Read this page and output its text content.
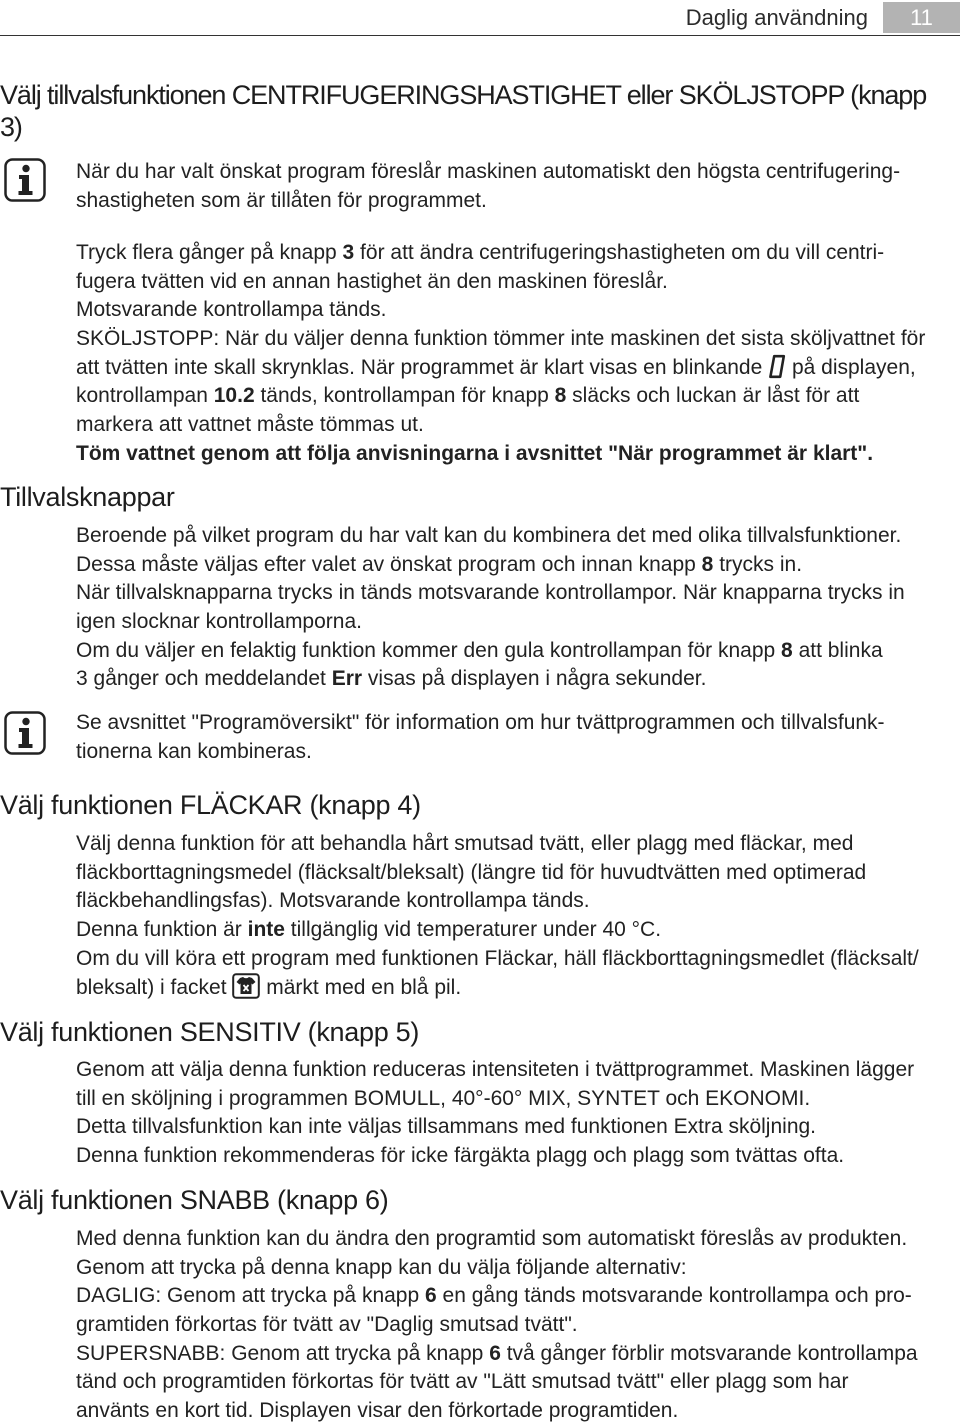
Daglig användning	11
Välj tillvalsfunktionen CENTRIFUGERINGSHASTIGHET eller SKÖLJSTOPP (knapp
3)
När du har valt önskat program föreslår maskinen automatiskt den högsta centrifugering-
shastigheten som är tillåten för programmet.
Tryck flera gånger på knapp 3 för att ändra centrifugeringshastigheten om du vill centri-
fugera tvätten vid en annan hastighet än den maskinen föreslår.
Motsvarande kontrollampa tänds.
SKÖLJSTOPP: När du väljer denna funktion tömmer inte maskinen det sista sköljvattnet för
att tvätten inte skall skrynklas. När programmet är klart visas en blinkande
på displayen,
kontrollampan 10.2 tänds, kontrollampan för knapp 8 släcks och luckan är låst för att
markera att vattnet måste tömmas ut.
Töm vattnet genom att följa anvisningarna i avsnittet "När programmet är klart".
Tillvalsknappar
Beroende på vilket program du har valt kan du kombinera det med olika tillvalsfunktioner.
Dessa måste väljas efter valet av önskat program och innan knapp 8 trycks in.
När tillvalsknapparna trycks in tänds motsvarande kontrollampor. När knapparna trycks in
igen slocknar kontrollamporna.
Om du väljer en felaktig funktion kommer den gula kontrollampan för knapp 8 att blinka
3 gånger och meddelandet Err visas på displayen i några sekunder.
Se avsnittet "Programöversikt" för information om hur tvättprogrammen och tillvalsfunk-
tionerna kan kombineras.
Välj funktionen FLÄCKAR (knapp 4)
Välj denna funktion för att behandla hårt smutsad tvätt, eller plagg med fläckar, med
fläckborttagningsmedel (fläcksalt/bleksalt) (längre tid för huvudtvätten med optimerad
fläckbehandlingsfas). Motsvarande kontrollampa tänds.
Denna funktion är inte tillgänglig vid temperaturer under 40 °C.
Om du vill köra ett program med funktionen Fläckar, häll fläckborttagningsmedlet (fläcksalt/
bleksalt) i facket
märkt med en blå pil.
Välj funktionen SENSITIV (knapp 5)
Genom att välja denna funktion reduceras intensiteten i tvättprogrammet. Maskinen lägger
till en sköljning i programmen BOMULL, 40°-60° MIX, SYNTET och EKONOMI.
Detta tillvalsfunktion kan inte väljas tillsammans med funktionen Extra sköljning.
Denna funktion rekommenderas för icke färgäkta plagg och plagg som tvättas ofta.
Välj funktionen SNABB (knapp 6)
Med denna funktion kan du ändra den programtid som automatiskt föreslås av produkten.
Genom att trycka på denna knapp kan du välja följande alternativ:
DAGLIG: Genom att trycka på knapp 6 en gång tänds motsvarande kontrollampa och pro-
gramtiden förkortas för tvätt av "Daglig smutsad tvätt".
SUPERSNABB: Genom att trycka på knapp 6 två gånger förblir motsvarande kontrollampa
tänd och programtiden förkortas för tvätt av "Lätt smutsad tvätt" eller plagg som har
använts en kort tid. Displayen visar den förkortade programtiden.
